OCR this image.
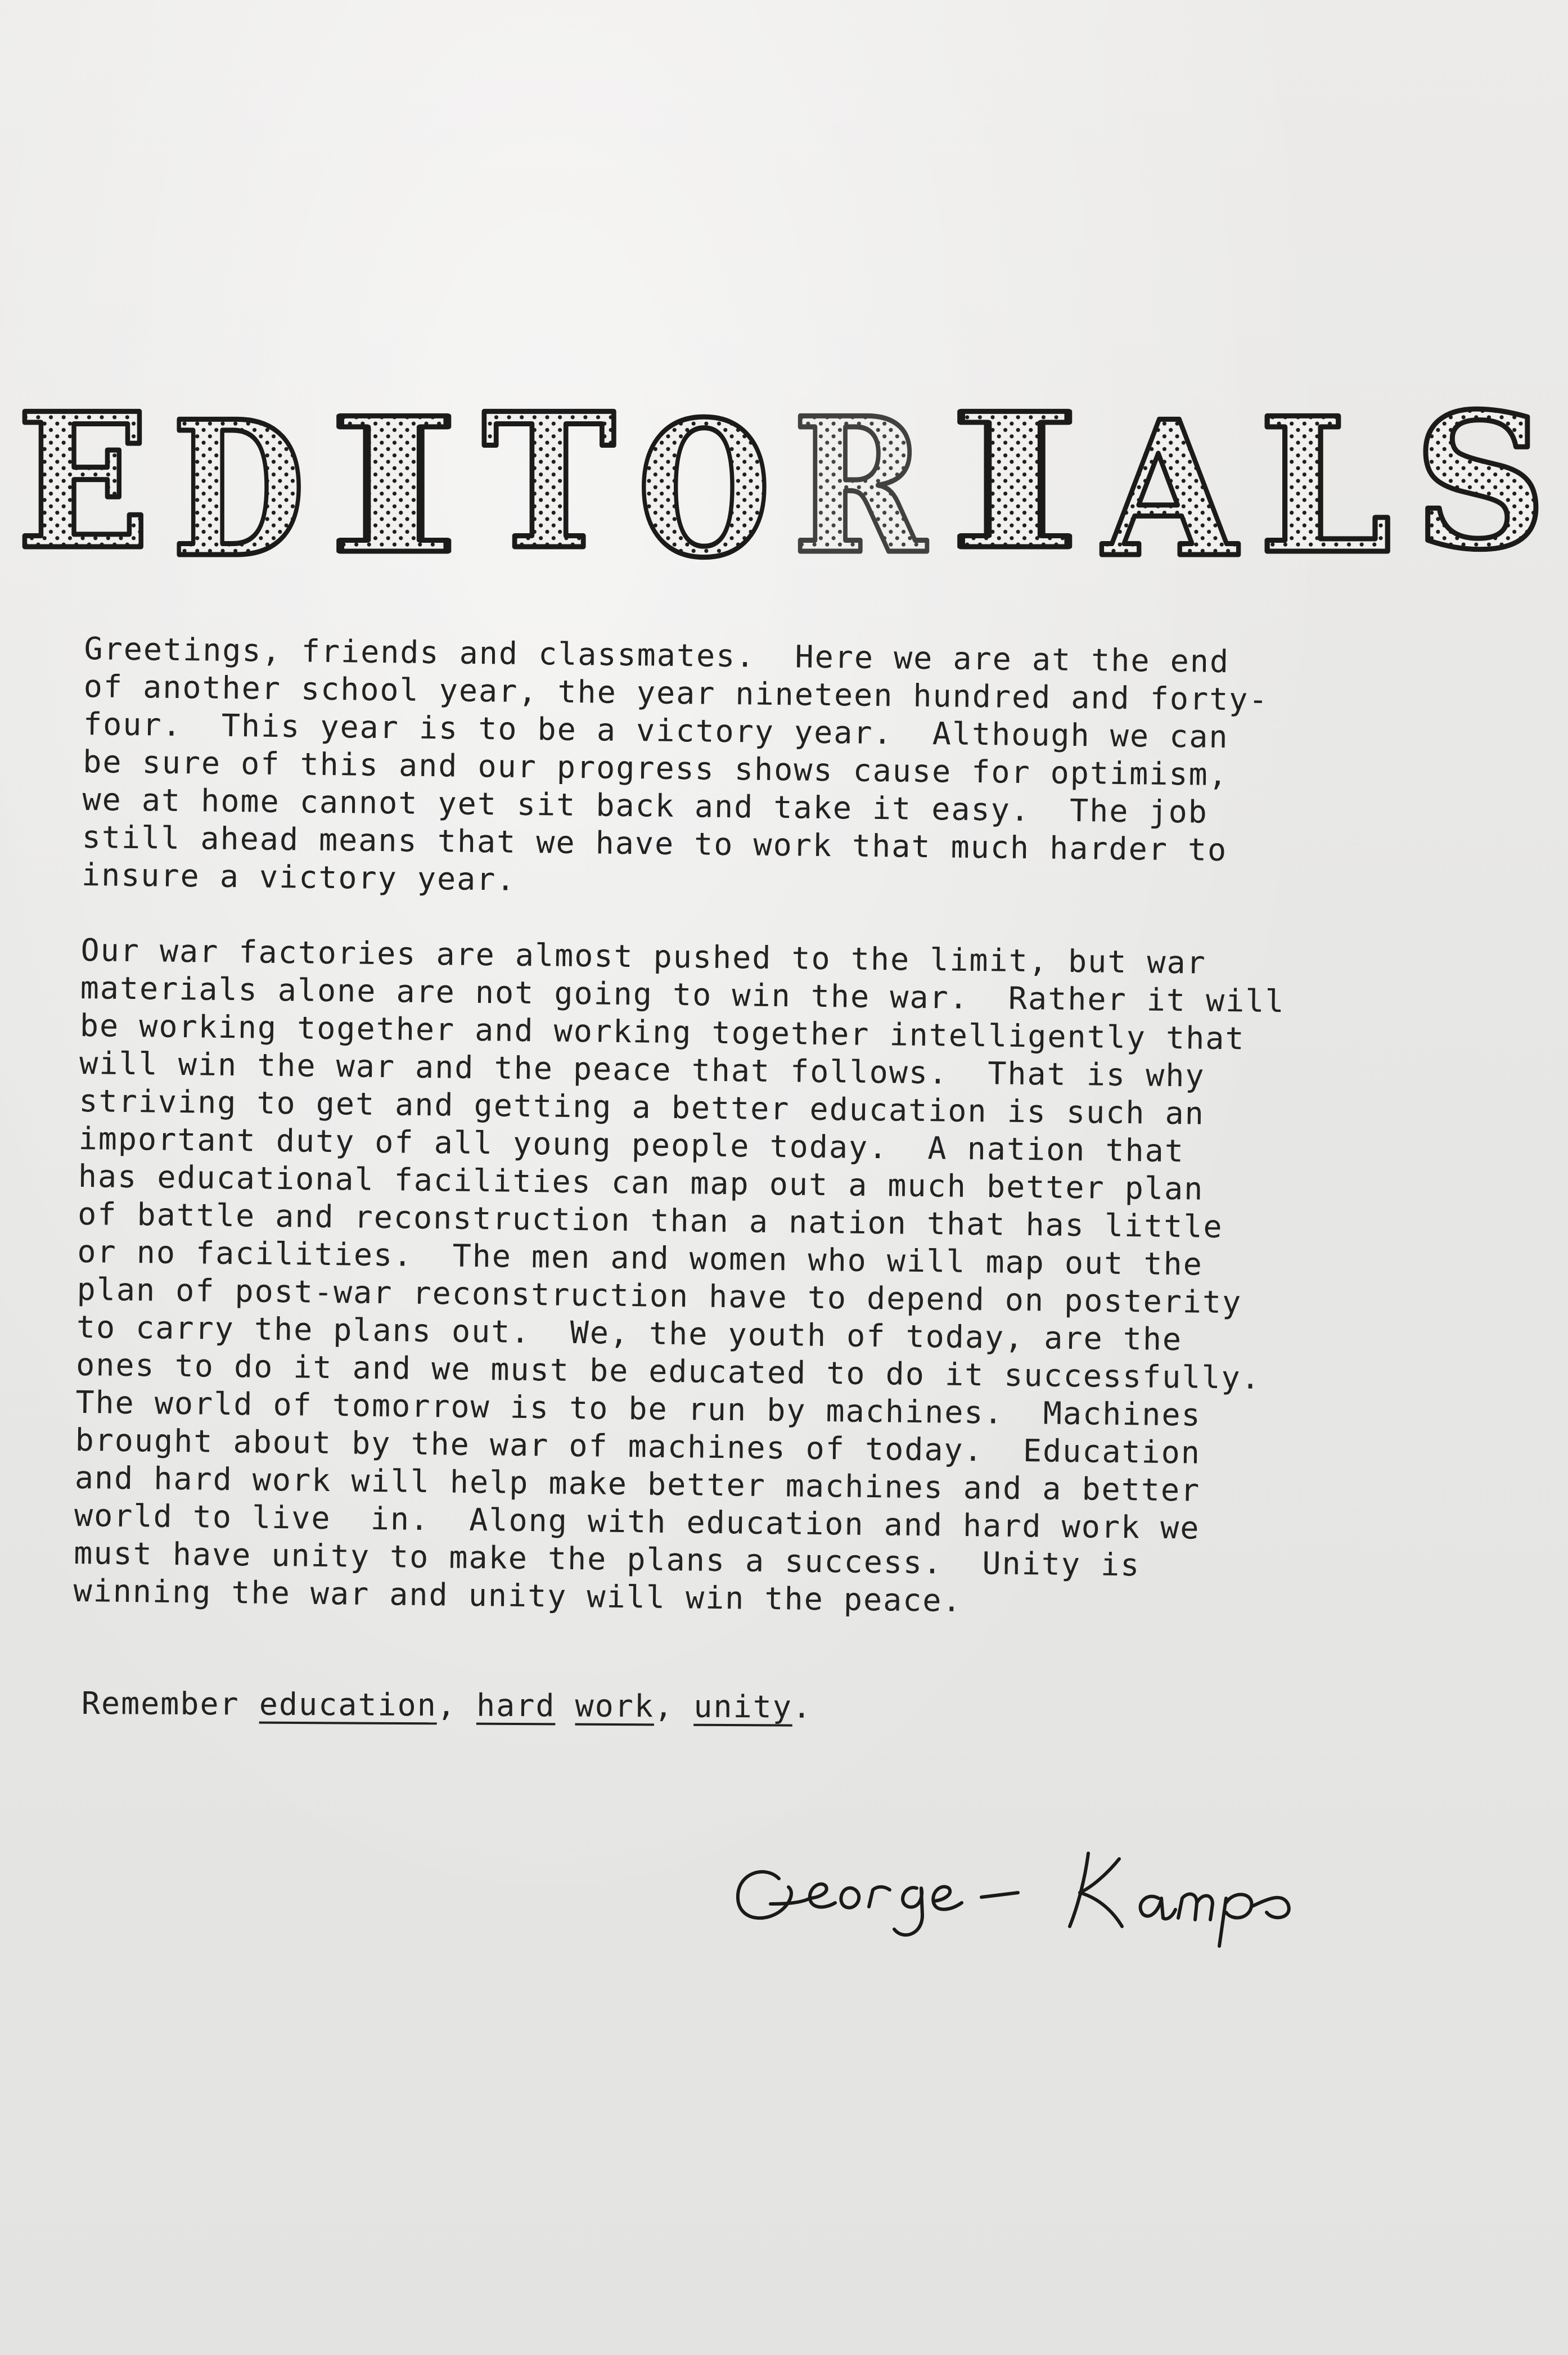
E D I T O R I A L S
Greetings, friends and classmates.  Here we are at the end
of another school year, the year nineteen hundred and forty-
four.  This year is to be a victory year.  Although we can
be sure of this and our progress shows cause for optimism,
we at home cannot yet sit back and take it easy.  The job
still ahead means that we have to work that much harder to
insure a victory year.
Our war factories are almost pushed to the limit, but war
materials alone are not going to win the war.  Rather it will
be working together and working together intelligently that
will win the war and the peace that follows.  That is why
striving to get and getting a better education is such an
important duty of all young people today.  A nation that
has educational facilities can map out a much better plan
of battle and reconstruction than a nation that has little
or no facilities.  The men and women who will map out the
plan of post-war reconstruction have to depend on posterity
to carry the plans out.  We, the youth of today, are the
ones to do it and we must be educated to do it successfully.
The world of tomorrow is to be run by machines.  Machines
brought about by the war of machines of today.  Education
and hard work will help make better machines and a better
world to live  in.  Along with education and hard work we
must have unity to make the plans a success.  Unity is
winning the war and unity will win the peace.
Remember education, hard work, unity.
